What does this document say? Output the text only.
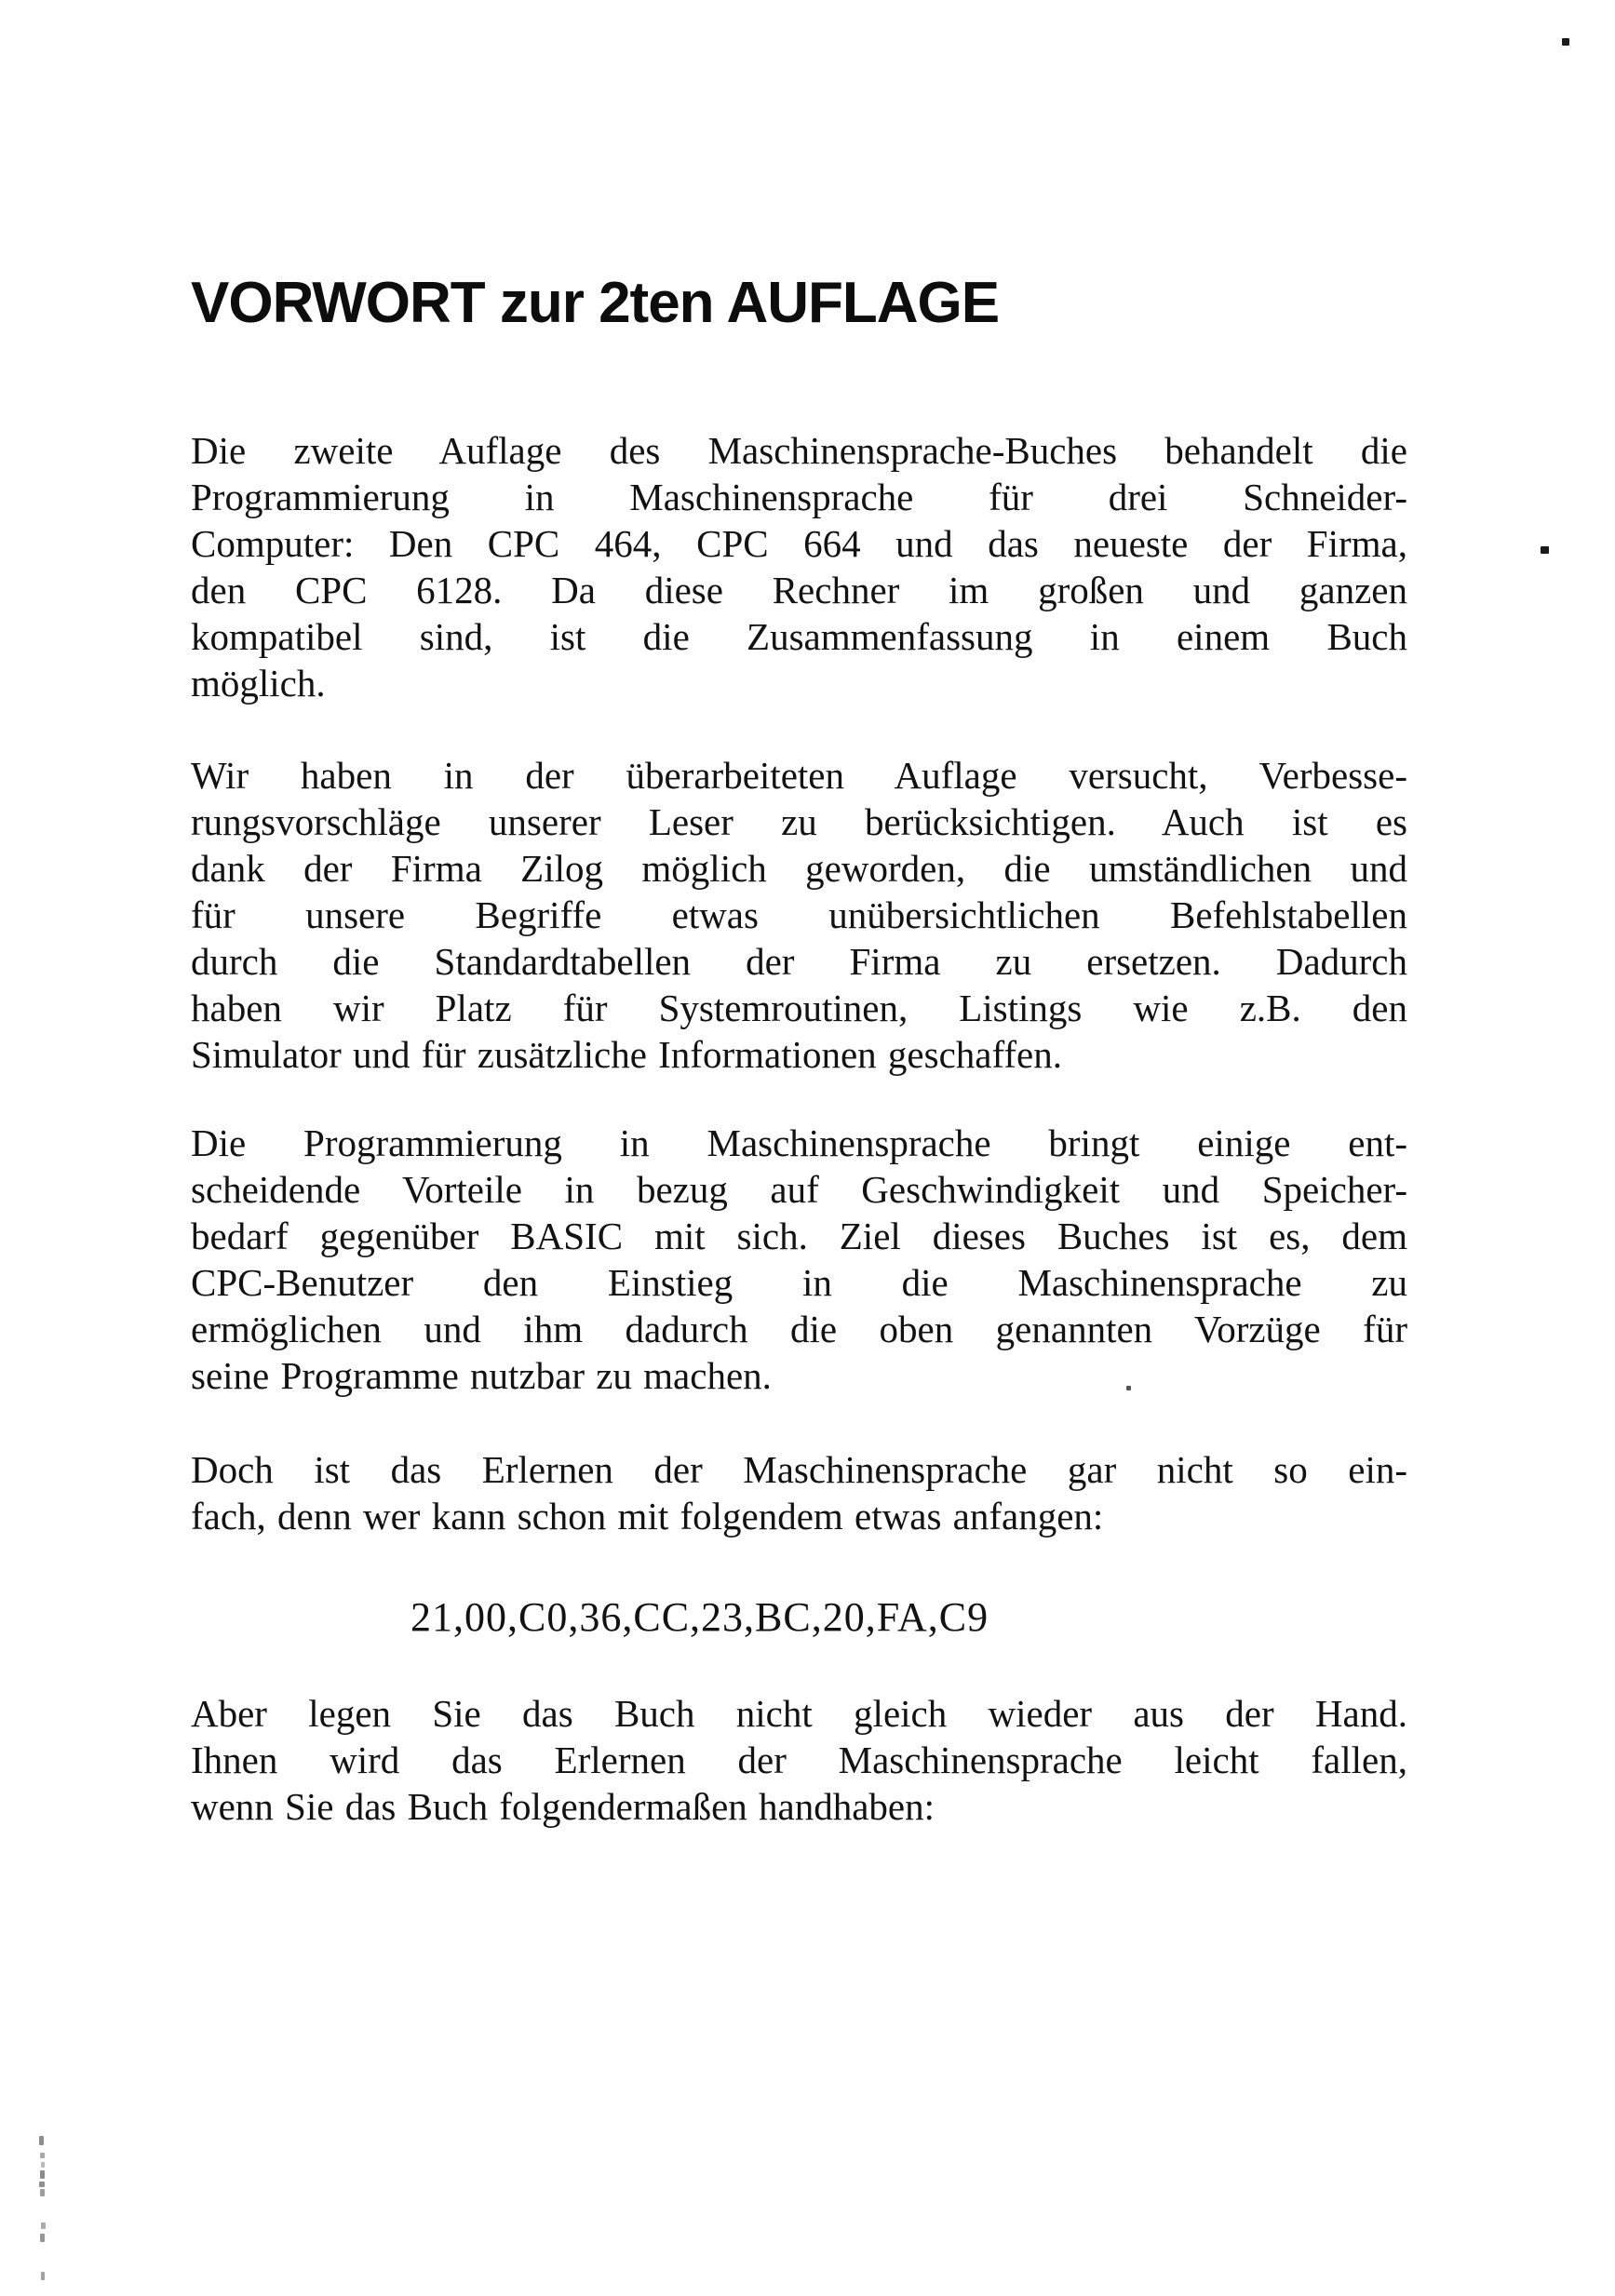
VORWORT zur 2ten AUFLAGE
Die zweite Auflage des Maschinensprache-Buches behandelt die
Programmierung in Maschinensprache für drei Schneider-
Computer: Den CPC 464, CPC 664 und das neueste der Firma,
den CPC 6128. Da diese Rechner im großen und ganzen
kompatibel sind, ist die Zusammenfassung in einem Buch
möglich.
Wir haben in der überarbeiteten Auflage versucht, Verbesse-
rungsvorschläge unserer Leser zu berücksichtigen. Auch ist es
dank der Firma Zilog möglich geworden, die umständlichen und
für unsere Begriffe etwas unübersichtlichen Befehlstabellen
durch die Standardtabellen der Firma zu ersetzen. Dadurch
haben wir Platz für Systemroutinen, Listings wie z.B. den
Simulator und für zusätzliche Informationen geschaffen.
Die Programmierung in Maschinensprache bringt einige ent-
scheidende Vorteile in bezug auf Geschwindigkeit und Speicher-
bedarf gegenüber BASIC mit sich. Ziel dieses Buches ist es, dem
CPC-Benutzer den Einstieg in die Maschinensprache zu
ermöglichen und ihm dadurch die oben genannten Vorzüge für
seine Programme nutzbar zu machen.
Doch ist das Erlernen der Maschinensprache gar nicht so ein-
fach, denn wer kann schon mit folgendem etwas anfangen:
21,00,C0,36,CC,23,BC,20,FA,C9
Aber legen Sie das Buch nicht gleich wieder aus der Hand.
Ihnen wird das Erlernen der Maschinensprache leicht fallen,
wenn Sie das Buch folgendermaßen handhaben:
